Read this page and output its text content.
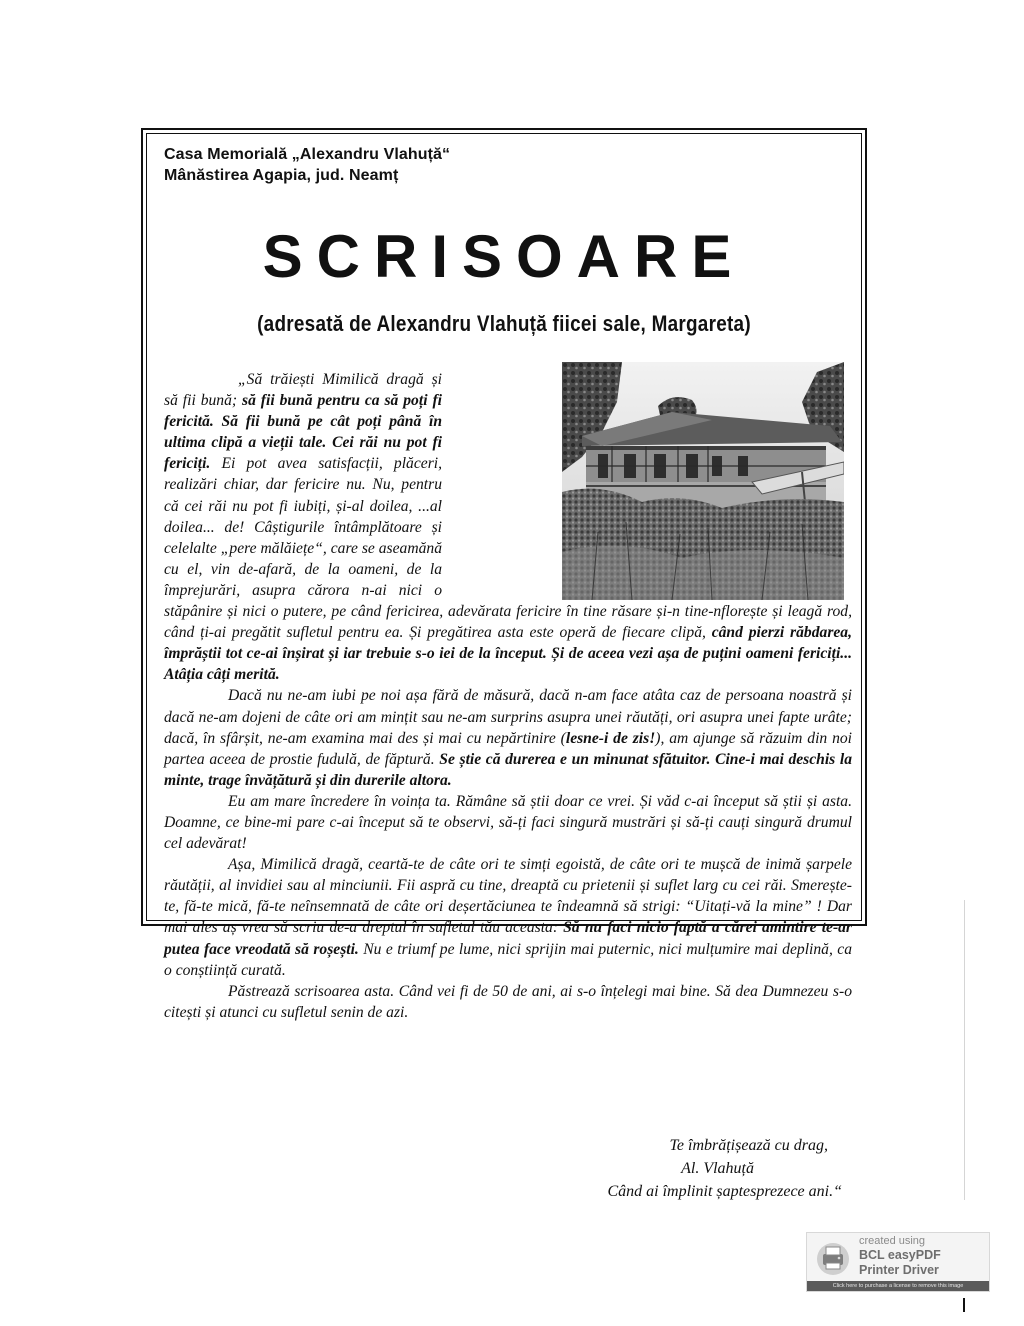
Casa Memorială „Alexandru Vlahuță“
Mânăstirea Agapia, jud. Neamț
SCRISOARE
(adresată de Alexandru Vlahuță fiicei sale, Margareta)

„Să trăiești Mimilică dragă și să fii bună; să fii bună pentru ca să poți fi fericită. Să fii bună pe cât poți până în ultima clipă a vieții tale. Cei răi nu pot fi fericiți. Ei pot avea satisfacții, plăceri, realizări chiar, dar fericire nu. Nu, pentru că cei răi nu pot fi iubiți, și-al doilea, ...al doilea... de! Câștigurile întâmplătoare și celelalte „pere mălăiețe“, care se aseamănă cu el, vin de-afară, de la oameni, de la împrejurări, asupra cărora n-ai nici o stăpânire și nici o putere, pe când fericirea, adevărata fericire în tine răsare și-n tine-nflorește și leagă rod, când ți-ai pregătit sufletul pentru ea. Și pregătirea asta este operă de fiecare clipă, când pierzi răbdarea, împrăștii tot ce-ai înșirat și iar trebuie s-o iei de la început. Și de aceea vezi așa de puțini oameni fericiți... Atâția câți merită.

Dacă nu ne-am iubi pe noi așa fără de măsură, dacă n-am face atâta caz de persoana noastră și dacă ne-am dojeni de câte ori am mințit sau ne-am surprins asupra unei răutăți, ori asupra unei fapte urâte; dacă, în sfârșit, ne-am examina mai des și mai cu nepărtinire (lesne-i de zis!), am ajunge să răzuim din noi partea aceea de prostie fudulă, de făptură. Se știe că durerea e un minunat sfătuitor. Cine-i mai deschis la minte, trage învățătură și din durerile altora.

Eu am mare încredere în voința ta. Rămâne să știi doar ce vrei. Și văd c-ai început să știi și asta. Doamne, ce bine-mi pare c-ai început să te observi, să-ți faci singură mustrări și să-ți cauți singură drumul cel adevărat!

Așa, Mimilică dragă, ceartă-te de câte ori te simți egoistă, de câte ori te mușcă de inimă șarpele răutății, al invidiei sau al minciunii. Fii aspră cu tine, dreaptă cu prietenii și suflet larg cu cei răi. Smerește-te, fă-te mică, fă-te neînsemnată de câte ori deșertăciunea te îndeamnă să strigi: “Uitați-vă la mine” ! Dar mai ales aș vrea să scriu de-a dreptul în sufletul tău aceasta: Să nu faci nicio faptă a cărei amintire te-ar putea face vreodată să roșești. Nu e triumf pe lume, nici sprijin mai puternic, nici mulțumire mai deplină, ca o conștiință curată.

Păstrează scrisoarea asta. Când vei fi de 50 de ani, ai s-o înțelegi mai bine. Să dea Dumnezeu s-o citești și atunci cu sufletul senin de azi.

Te îmbrățișează cu drag,
Al. Vlahuță
Când ai împlinit șaptesprezece ani.“
created using
BCL easyPDF
Printer Driver
Click here to purchase a license to remove this image
